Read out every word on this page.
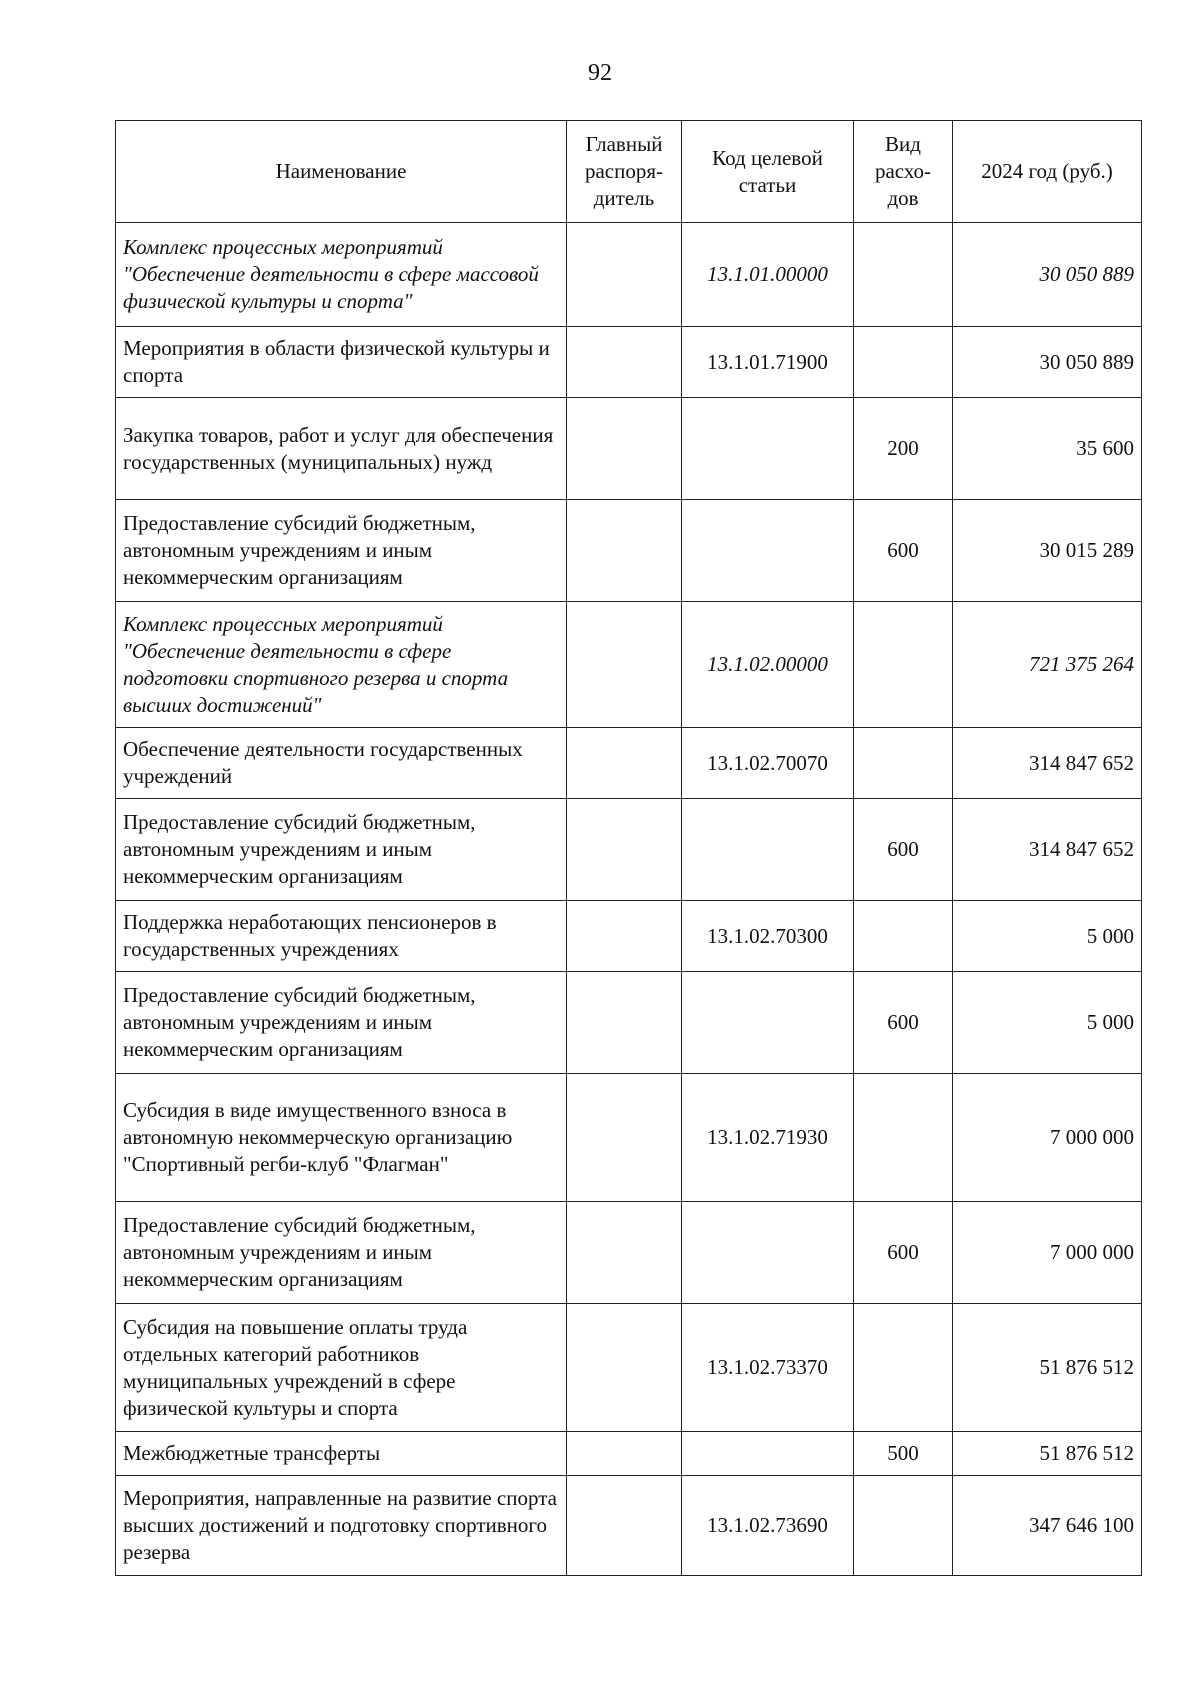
92
Наименование	Главный распоря-дитель	Код целевой статьи	Вид расхо-дов	2024 год (руб.)
Комплекс процессных мероприятий "Обеспечение деятельности в сфере массовой физической культуры и спорта"		13.1.01.00000		30 050 889
Мероприятия в области физической культуры и спорта		13.1.01.71900		30 050 889
Закупка товаров, работ и услуг для обеспечения государственных (муниципальных) нужд			200	35 600
Предоставление субсидий бюджетным, автономным учреждениям и иным некоммерческим организациям			600	30 015 289
Комплекс процессных мероприятий "Обеспечение деятельности в сфере подготовки спортивного резерва и спорта высших достижений"		13.1.02.00000		721 375 264
Обеспечение деятельности государственных учреждений		13.1.02.70070		314 847 652
Предоставление субсидий бюджетным, автономным учреждениям и иным некоммерческим организациям			600	314 847 652
Поддержка неработающих пенсионеров в государственных учреждениях		13.1.02.70300		5 000
Предоставление субсидий бюджетным, автономным учреждениям и иным некоммерческим организациям			600	5 000
Субсидия в виде имущественного взноса в автономную некоммерческую организацию "Спортивный регби-клуб "Флагман"		13.1.02.71930		7 000 000
Предоставление субсидий бюджетным, автономным учреждениям и иным некоммерческим организациям			600	7 000 000
Субсидия на повышение оплаты труда отдельных категорий работников муниципальных учреждений в сфере физической культуры и спорта		13.1.02.73370		51 876 512
Межбюджетные трансферты			500	51 876 512
Мероприятия, направленные на развитие спорта высших достижений и подготовку спортивного резерва		13.1.02.73690		347 646 100
